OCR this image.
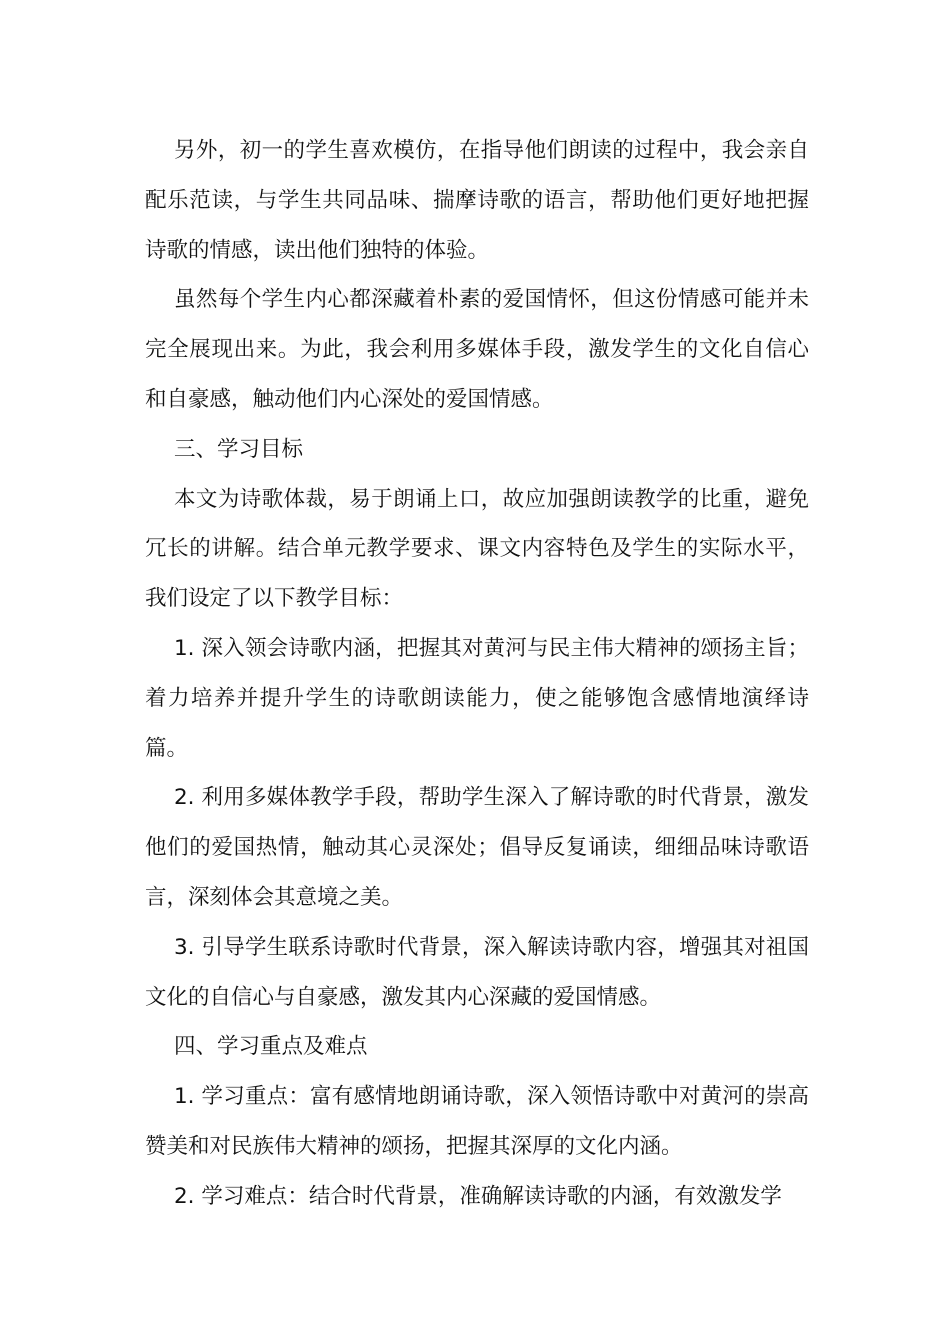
另外，初一的学生喜欢模仿，在指导他们朗读的过程中，我会亲自配乐范读，与学生共同品味、揣摩诗歌的语言，帮助他们更好地把握诗歌的情感，读出他们独特的体验。

虽然每个学生内心都深藏着朴素的爱国情怀，但这份情感可能并未完全展现出来。为此，我会利用多媒体手段，激发学生的文化自信心和自豪感，触动他们内心深处的爱国情感。

三、学习目标

本文为诗歌体裁，易于朗诵上口，故应加强朗读教学的比重，避免冗长的讲解。结合单元教学要求、课文内容特色及学生的实际水平，我们设定了以下教学目标：

1. 深入领会诗歌内涵，把握其对黄河与民主伟大精神的颂扬主旨；着力培养并提升学生的诗歌朗读能力，使之能够饱含感情地演绎诗篇。

2. 利用多媒体教学手段，帮助学生深入了解诗歌的时代背景，激发他们的爱国热情，触动其心灵深处；倡导反复诵读，细细品味诗歌语言，深刻体会其意境之美。

3. 引导学生联系诗歌时代背景，深入解读诗歌内容，增强其对祖国文化的自信心与自豪感，激发其内心深藏的爱国情感。

四、学习重点及难点

1. 学习重点：富有感情地朗诵诗歌，深入领悟诗歌中对黄河的崇高赞美和对民族伟大精神的颂扬，把握其深厚的文化内涵。

2. 学习难点：结合时代背景，准确解读诗歌的内涵，有效激发学
